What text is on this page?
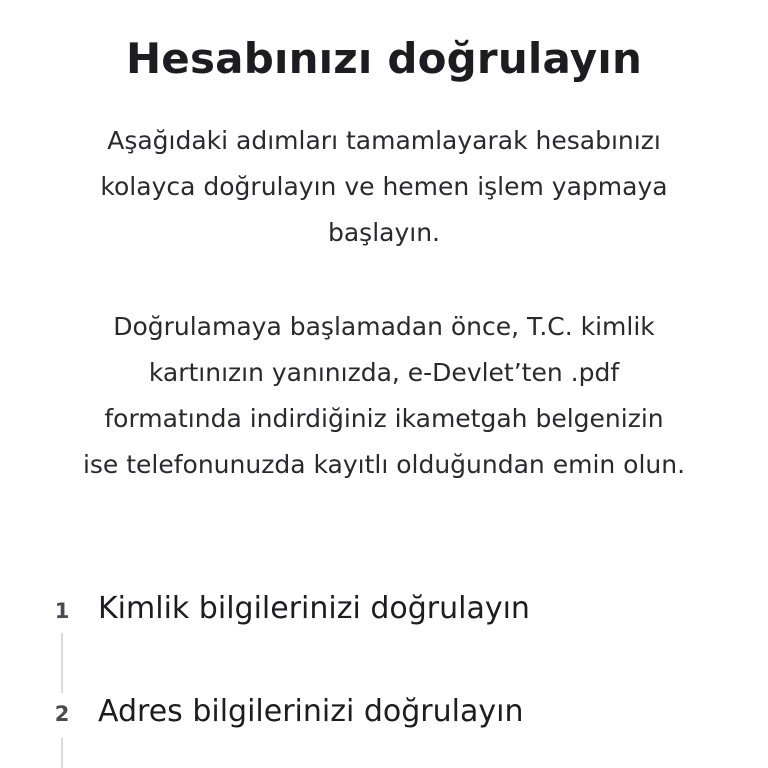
Hesabınızı doğrulayın

Aşağıdaki adımları tamamlayarak hesabınızı
kolayca doğrulayın ve hemen işlem yapmaya
başlayın.

Doğrulamaya başlamadan önce, T.C. kimlik
kartınızın yanınızda, e-Devlet’ten .pdf
formatında indirdiğiniz ikametgah belgenizin
ise telefonunuzda kayıtlı olduğundan emin olun.

1 Kimlik bilgilerinizi doğrulayın
2 Adres bilgilerinizi doğrulayın
